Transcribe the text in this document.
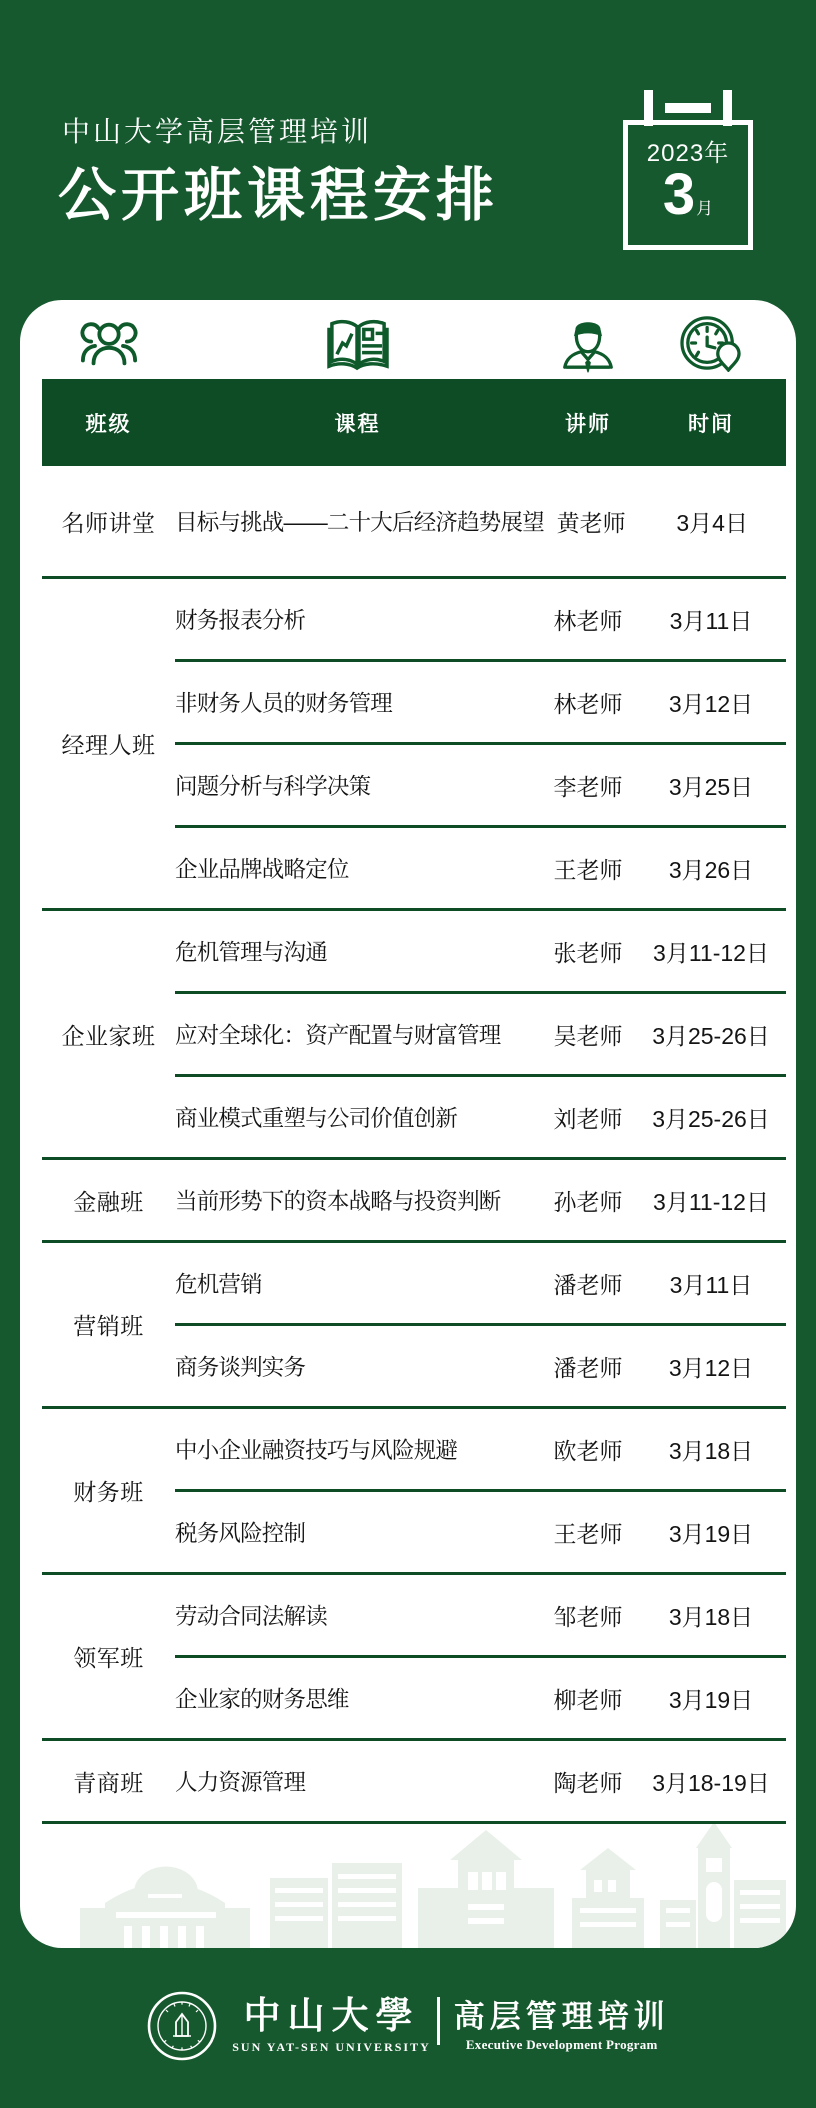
中山大学高层管理培训
公开班课程安排
2023年
3 月
班级	课程	讲师	时间
名师讲堂 目标与挑战——二十大后经济趋势展望 黄老师	3月4日
经理人班
财务报表分析	林老师	3月11日
非财务人员的财务管理	林老师	3月12日
问题分析与科学决策	李老师	3月25日
企业品牌战略定位	王老师	3月26日
企业家班
危机管理与沟通	张老师	3月11-12日
应对全球化：资产配置与财富管理	吴老师	3月25-26日
商业模式重塑与公司价值创新	刘老师	3月25-26日
金融班	当前形势下的资本战略与投资判断	孙老师	3月11-12日
营销班
危机营销	潘老师	3月11日
商务谈判实务	潘老师	3月12日
财务班
中小企业融资技巧与风险规避	欧老师	3月18日
税务风险控制	王老师	3月19日
领军班
劳动合同法解读	邹老师	3月18日
企业家的财务思维	柳老师	3月19日
青商班	人力资源管理	陶老师	3月18-19日
中山大學
SUN YAT-SEN UNIVERSITY
高层管理培训
Executive Development Program
